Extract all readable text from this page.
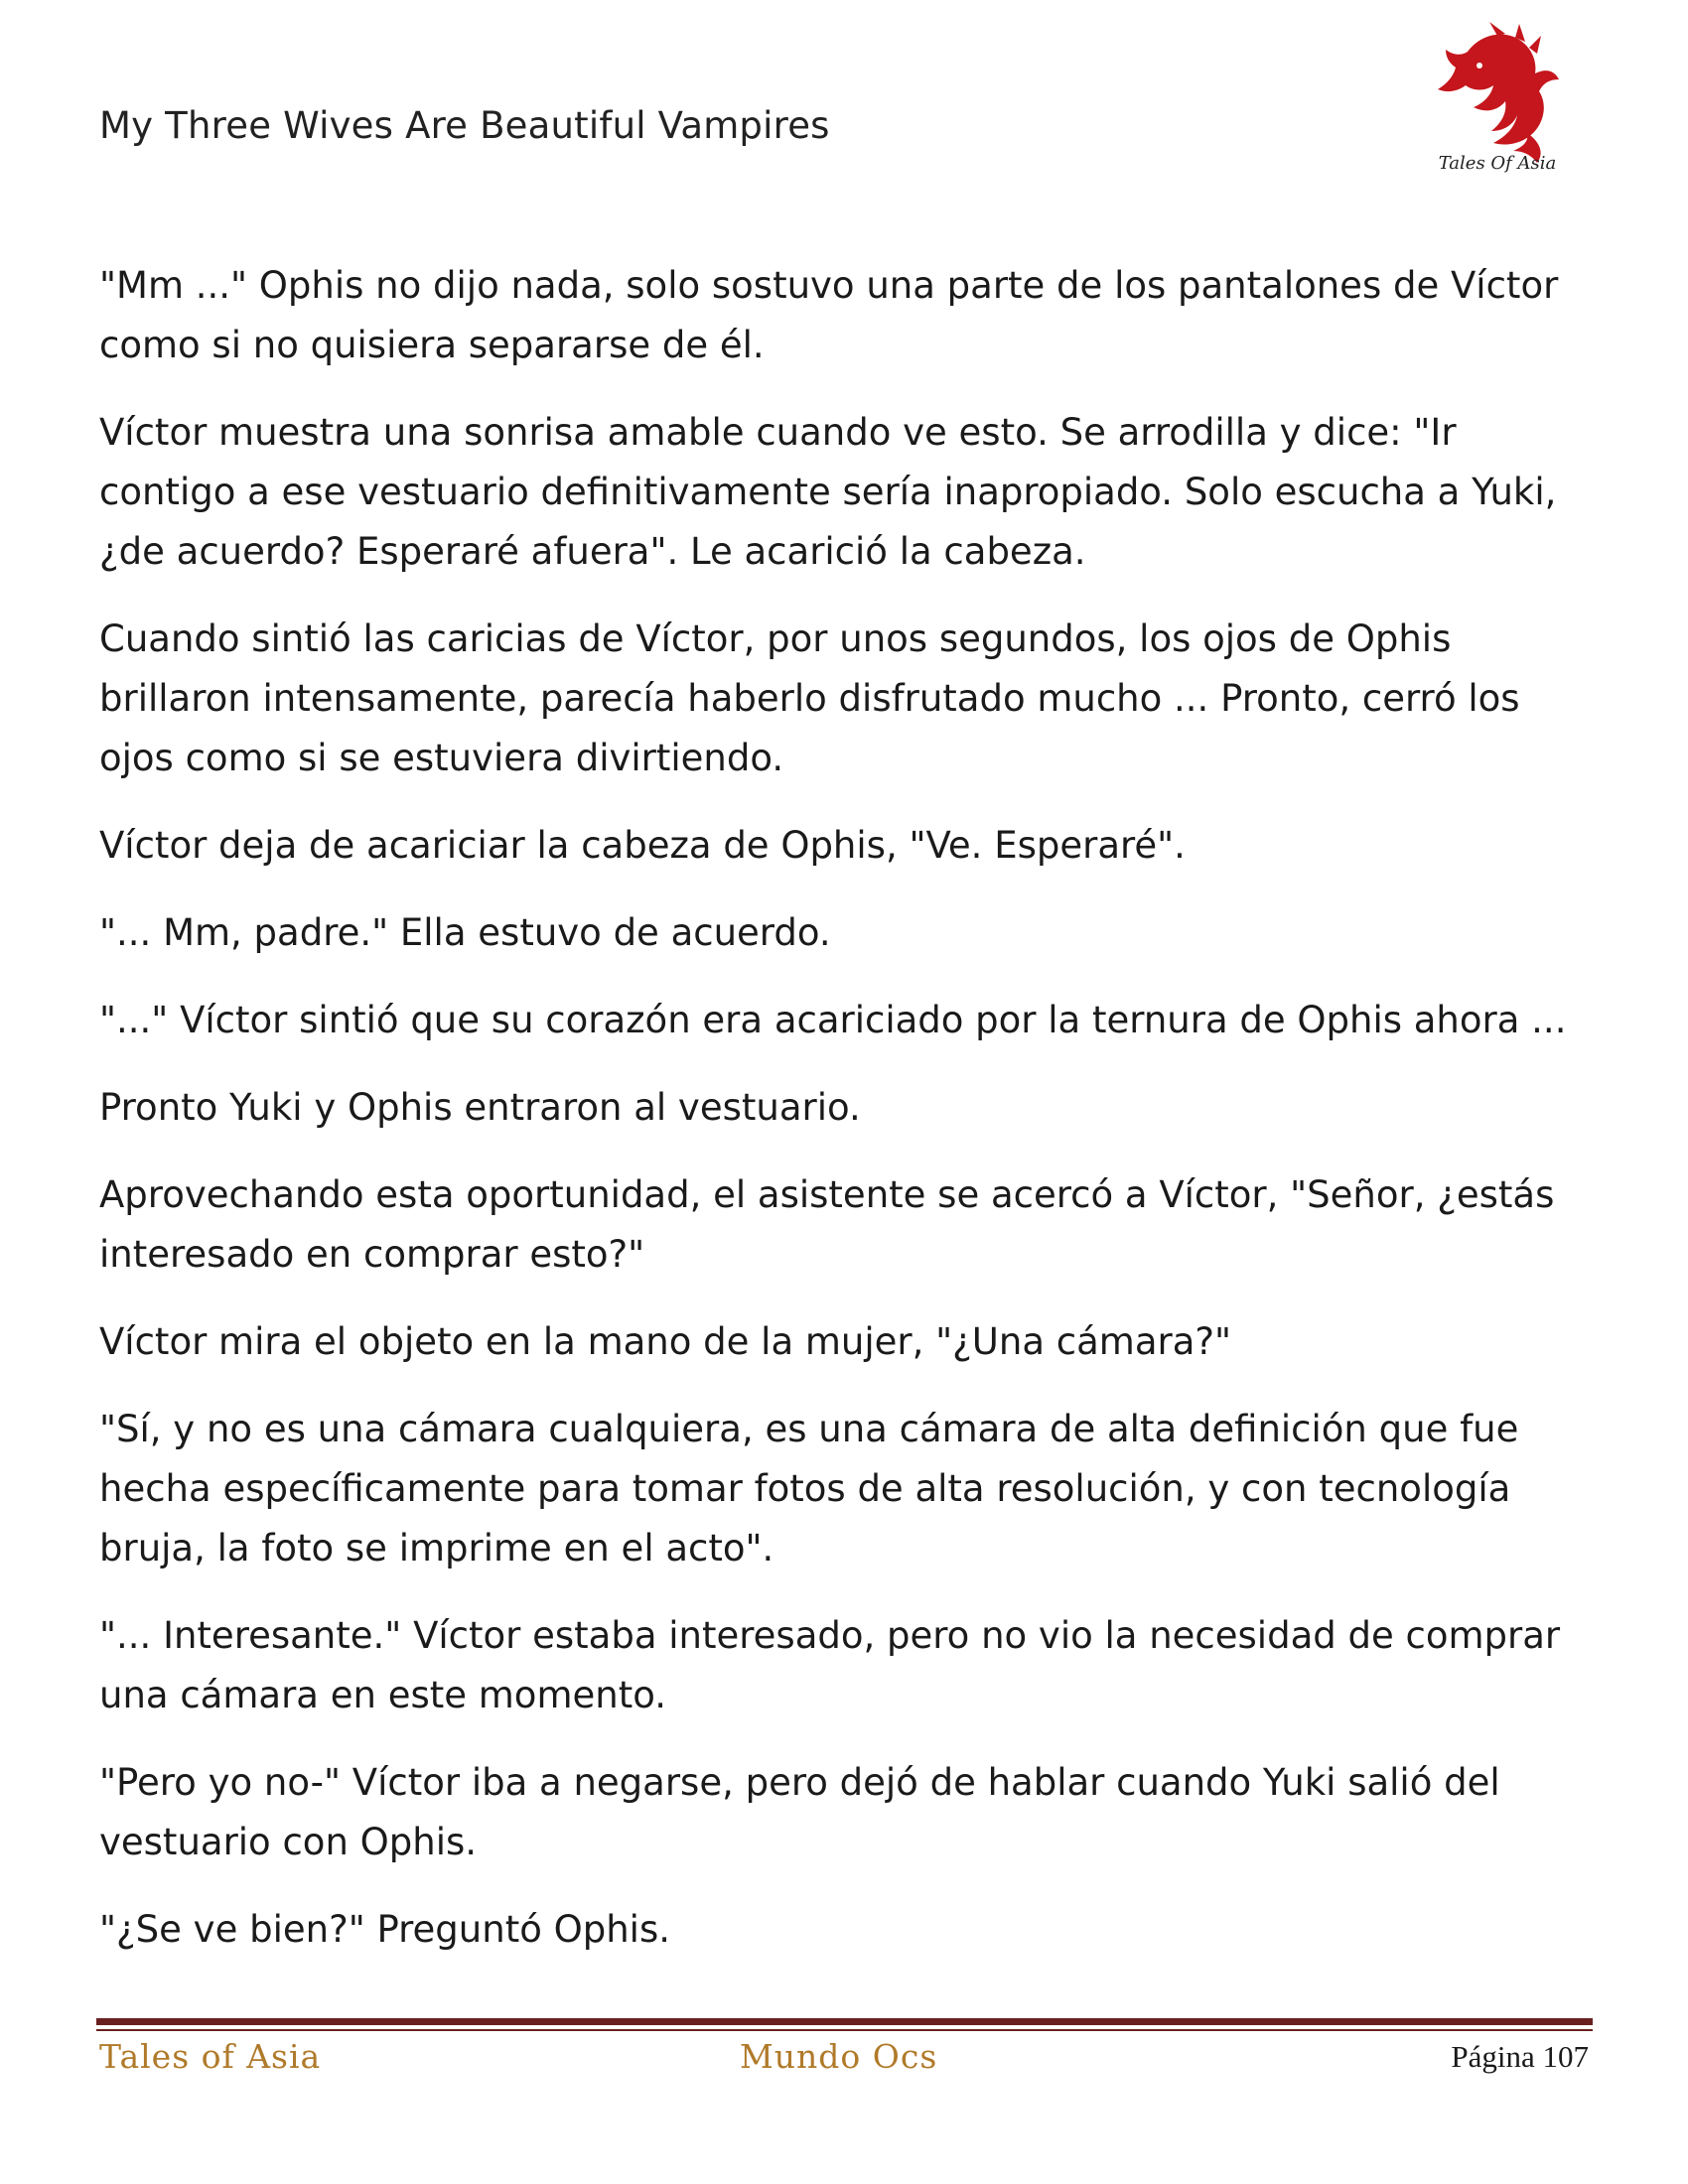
My Three Wives Are Beautiful Vampires
Tales Of Asia

"Mm ..." Ophis no dijo nada, solo sostuvo una parte de los pantalones de Víctor como si no quisiera separarse de él.

Víctor muestra una sonrisa amable cuando ve esto. Se arrodilla y dice: "Ir contigo a ese vestuario definitivamente sería inapropiado. Solo escucha a Yuki, ¿de acuerdo? Esperaré afuera". Le acarició la cabeza.

Cuando sintió las caricias de Víctor, por unos segundos, los ojos de Ophis brillaron intensamente, parecía haberlo disfrutado mucho ... Pronto, cerró los ojos como si se estuviera divirtiendo.

Víctor deja de acariciar la cabeza de Ophis, "Ve. Esperaré".

"... Mm, padre." Ella estuvo de acuerdo.

"..." Víctor sintió que su corazón era acariciado por la ternura de Ophis ahora ...

Pronto Yuki y Ophis entraron al vestuario.

Aprovechando esta oportunidad, el asistente se acercó a Víctor, "Señor, ¿estás interesado en comprar esto?"

Víctor mira el objeto en la mano de la mujer, "¿Una cámara?"

"Sí, y no es una cámara cualquiera, es una cámara de alta definición que fue hecha específicamente para tomar fotos de alta resolución, y con tecnología bruja, la foto se imprime en el acto".

"... Interesante." Víctor estaba interesado, pero no vio la necesidad de comprar una cámara en este momento.

"Pero yo no-" Víctor iba a negarse, pero dejó de hablar cuando Yuki salió del vestuario con Ophis.

"¿Se ve bien?" Preguntó Ophis.

Tales of Asia	Mundo Ocs	Página 107
